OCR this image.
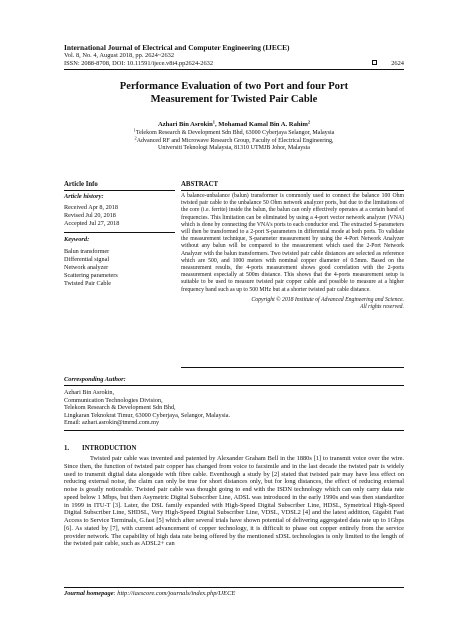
International Journal of Electrical and Computer Engineering (IJECE)
Vol. 8, No. 4, August 2018, pp. 2624~2632
ISSN: 2088-8708, DOI: 10.11591/ijece.v8i4.pp2624-2632	2624
Performance Evaluation of two Port and four Port
Measurement for Twisted Pair Cable
Azhari Bin Asrokin$^1$, Mohamad Kamal Bin A. Rahim$^2$
$^1$Telekom Research & Development Sdn Bhd, 63000 Cyberjaya Selangor, Malaysia
$^2$Advanced RF and Microwave Research Group, Faculty of Electrical Engineering,
Universiti Teknologi Malaysia, 81310 UTMJB Johor, Malaysia
Article Info
Article history:
Received Apr 8, 2018
Revised Jul 20, 2018
Accepted Jul 27, 2018
Keyword:
Balun transformer
Differential signal
Network analyzer
Scattering parameters
Twisted Pair Cable
ABSTRACT
A balance-unbalance (balun) transformer is commonly used to connect the balance 100 Ohm twisted pair cable to the unbalance 50 Ohm network analyzer ports, but due to the limitations of the core (i.e. ferrite) inside the balun, the balun can only effectively operates at a certain band of frequencies. This limitation can be eliminated by using a 4-port vector network analyzer (VNA) which is done by connecting the VNA's ports to each conductor end. The extracted S-parameters will then be transformed to a 2-port S-parameters in differential mode at both ports. To validate the measurement technique, S-parameter measurement by using the 4-Port Network Analyzer without any balun will be compared to the measurement which used the 2-Port Network Analyzer with the balun transformers. Two twisted pair cable distances are selected as reference which are 500, and 1000 meters with nominal copper diameter of 0.5mm. Based on the measurement results, the 4-ports measurement shows good correlation with the 2-ports measurement especially at 500m distance. This shows that the 4-ports measurement setup is suitable to be used to measure twisted pair copper cable and possible to measure at a higher frequency band such as up to 500 MHz but at a shorter twisted pair cable distance.
Copyright © 2018 Institute of Advanced Engineering and Science.
All rights reserved.
Corresponding Author:
Azhari Bin Asrokin,
Communication Technologies Division,
Telekom Research & Development Sdn Bhd,
Lingkaran Teknokrat Timur, 63000 Cyberjaya, Selangor, Malaysia.
Email: azhari.asrokin@tmrnd.com.my
1. INTRODUCTION
Twisted pair cable was invented and patented by Alexander Graham Bell in the 1880s [1] to transmit voice over the wire. Since then, the function of twisted pair copper has changed from voice to facsimile and in the last decade the twisted pair is widely used to transmit digital data alongside with fibre cable. Eventhough a study by [2] stated that twisted pair may have less effect on reducing external noise, the claim can only be true for short distances only, but for long distances, the effect of reducing external noise is greatly noticeable. Twisted pair cable was thought going to end with the ISDN technology which can only carry data rate speed below 1 Mbps, but then Asymetric Digital Subscriber Line, ADSL was introduced in the early 1990s and was then standardize in 1999 in ITU-T [3]. Later, the DSL family expanded with High-Speed Digital Subscriber Line, HDSL, Symetrical High-Speed Digital Subscriber Line, SHDSL, Very High-Speed Digital Subscriber Line, VDSL, VDSL2 [4] and the latest addition, Gigabit Fast Access to Service Terminals, G.fast [5] which after several trials have shown potential of delivering aggregated data rate up to 1Gbps [6]. As stated by [7], with current advancement of copper technology, it is difficult to phase out copper entirely from the service provider network. The capability of high data rate being offered by the mentioned xDSL technologies is only limited to the length of the twisted pair cable, such as ADSL2+ can
Journal homepage: http://iaescore.com/journals/index.php/IJECE
